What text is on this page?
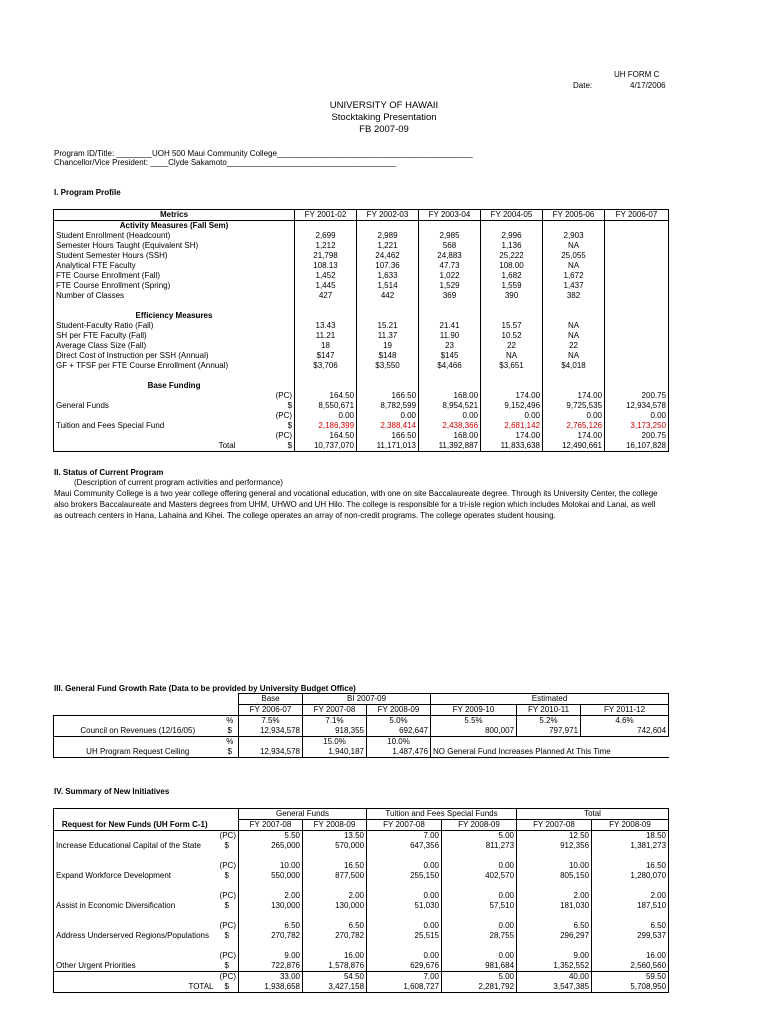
UH FORM C
Date:	4/17/2006
UNIVERSITY OF HAWAII
Stocktaking Presentation
FB 2007-09
Program ID/Title: ________UOH 500 Maui Community College____________________________________________
Chancellor/Vice President: ____Clyde Sakamoto______________________________________
I. Program Profile
Metrics		FY 2001-02	FY 2002-03	FY 2003-04	FY 2004-05	FY 2005-06	FY 2006-07
Activity Measures (Fall Sem)							
Student Enrollment (Headcount)		2,699	2,989	2,985	2,996	2,903	
Semester Hours Taught (Equivalent SH)		1,212	1,221	568	1,136	NA	
Student Semester Hours (SSH)		21,798	24,462	24,883	25,222	25,055	
Analytical FTE Faculty		108.13	107.36	47.73	108.00	NA	
FTE Course Enrollment (Fall)		1,452	1,633	1,022	1,682	1,672	
FTE Course Enrollment (Spring)		1,445	1,514	1,529	1,559	1,437	
Number of Classes		427	442	369	390	382	

Efficiency Measures							
Student-Faculty Ratio (Fall)		13.43	15.21	21.41	15.57	NA	
SH per FTE Faculty (Fall)		11.21	11.37	11.90	10.52	NA	
Average Class Size (Fall)		18	19	23	22	22	
Direct Cost of Instruction per SSH (Annual)		$147	$148	$145	NA	NA	
GF + TFSF per FTE Course Enrollment (Annual)		$3,706	$3,550	$4,466	$3,651	$4,018	

Base Funding							
	(PC)	164.50	166.50	168.00	174.00	174.00	200.75
General Funds	$	8,550,671	8,782,599	8,954,521	9,152,496	9,725,535	12,934,578
	(PC)	0.00	0.00	0.00	0.00	0.00	0.00
Tuition and Fees Special Fund	$	2,186,399	2,388,414	2,438,366	2,681,142	2,765,126	3,173,250
	(PC)	164.50	166.50	168.00	174.00	174.00	200.75
Total	$	10,737,070	11,171,013	11,392,887	11,833,638	12,490,661	16,107,828
II. Status of Current Program
(Description of current program activities and performance)
Maui Community College is a two year college offering general and vocational education, with one on site Baccalaureate degree. Through its University Center, the college also brokers Baccalaureate and Masters degrees from UHM, UHWO and UH Hilo. The college is responsible for a tri-isle region which includes Molokai and Lanai, as well as outreach centers in Hana, Lahaina and Kihei. The college operates an array of non-credit programs. The college operates student housing.
III. General Fund Growth Rate (Data to be provided by University Budget Office)
		Base	BI 2007-09		Estimated		
		FY 2006-07	FY 2007-08	FY 2008-09	FY 2009-10	FY 2010-11	FY 2011-12
	%	7.5%	7.1%	5.0%	5.5%	5.2%	4.6%
Council on Revenues (12/16/05)	$	12,934,578	918,355	692,647	800,007	797,971	742,604
	%		15.0%	10.0%			
UH Program Request Ceiling	$	12,934,578	1,940,187	1,487,476	NO General Fund Increases Planned At This Time		
IV. Summary of New Initiatives
		General Funds		Tuition and Fees Special Funds		Total	
Request for New Funds (UH Form C-1)		FY 2007-08	FY 2008-09	FY 2007-08	FY 2008-09	FY 2007-08	FY 2008-09
	(PC)	5.50	13.50	7.00	5.00	12.50	18.50
Increase Educational Capital of the State	$	265,000	570,000	647,356	811,273	912,356	1,381,273

	(PC)	10.00	16.50	0.00	0.00	10.00	16.50
Expand Workforce Development	$	550,000	877,500	255,150	402,570	805,150	1,280,070

	(PC)	2.00	2.00	0.00	0.00	2.00	2.00
Assist in Economic Diversification	$	130,000	130,000	51,030	57,510	181,030	187,510

	(PC)	6.50	6.50	0.00	0.00	6.50	6.50
Address Underserved Regions/Populations	$	270,782	270,782	25,515	28,755	296,297	299,537

	(PC)	9.00	16.00	0.00	0.00	9.00	16.00
Other Urgent Priorities	$	722,876	1,578,876	629,676	981,684	1,352,552	2,560,560
	(PC)	33.00	54.50	7.00	5.00	40.00	59.50
TOTAL	$	1,938,658	3,427,158	1,608,727	2,281,792	3,547,385	5,708,950
